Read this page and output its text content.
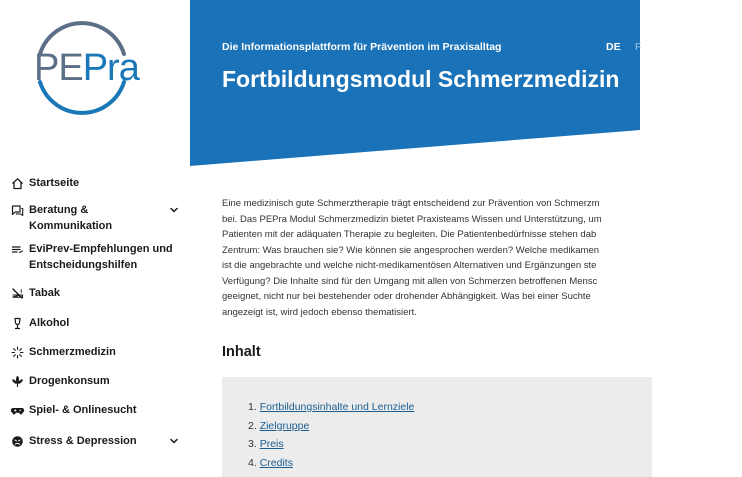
PEPra
Startseite
Beratung & Kommunikation
EviPrev-Empfehlungen und Entscheidungshilfen
Tabak
Alkohol
Schmerzmedizin
Drogenkonsum
Spiel- & Onlinesucht
Stress & Depression
Die Informationsplattform für Prävention im Praxisalltag	DE F
Fortbildungsmodul Schmerzmedizin
Eine medizinisch gute Schmerztherapie trägt entscheidend zur Prävention von Schmerzm
bei. Das PEPra Modul Schmerzmedizin bietet Praxisteams Wissen und Unterstützung, um
Patienten mit der adäquaten Therapie zu begleiten. Die Patientenbedürfnisse stehen dab
Zentrum: Was brauchen sie? Wie können sie angesprochen werden? Welche medikamen
ist die angebrachte und welche nicht-medikamentösen Alternativen und Ergänzungen ste
Verfügung? Die Inhalte sind für den Umgang mit allen von Schmerzen betroffenen Mensc
geeignet, nicht nur bei bestehender oder drohender Abhängigkeit. Was bei einer Suchte
angezeigt ist, wird jedoch ebenso thematisiert.
Inhalt
1. Fortbildungsinhalte und Lernziele
2. Zielgruppe
3. Preis
4. Credits
